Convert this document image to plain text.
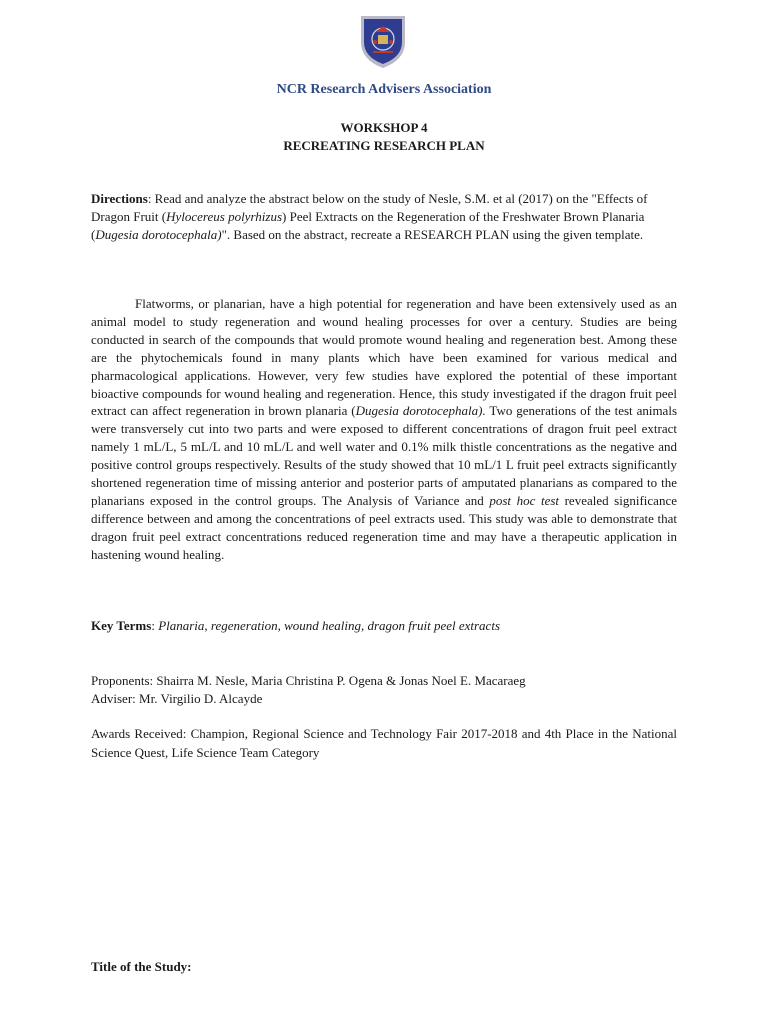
NCR Research Advisers Association
WORKSHOP 4
RECREATING RESEARCH PLAN
Directions: Read and analyze the abstract below on the study of Nesle, S.M. et al (2017) on the "Effects of Dragon Fruit (Hylocereus polyrhizus) Peel Extracts on the Regeneration of the Freshwater Brown Planaria (Dugesia dorotocephala)". Based on the abstract, recreate a RESEARCH PLAN using the given template.
Flatworms, or planarian, have a high potential for regeneration and have been extensively used as an animal model to study regeneration and wound healing processes for over a century. Studies are being conducted in search of the compounds that would promote wound healing and regeneration best. Among these are the phytochemicals found in many plants which have been examined for various medical and pharmacological applications. However, very few studies have explored the potential of these important bioactive compounds for wound healing and regeneration. Hence, this study investigated if the dragon fruit peel extract can affect regeneration in brown planaria (Dugesia dorotocephala). Two generations of the test animals were transversely cut into two parts and were exposed to different concentrations of dragon fruit peel extract namely 1 mL/L, 5 mL/L and 10 mL/L and well water and 0.1% milk thistle concentrations as the negative and positive control groups respectively. Results of the study showed that 10 mL/1 L fruit peel extracts significantly shortened regeneration time of missing anterior and posterior parts of amputated planarians as compared to the planarians exposed in the control groups. The Analysis of Variance and post hoc test revealed significance difference between and among the concentrations of peel extracts used. This study was able to demonstrate that dragon fruit peel extract concentrations reduced regeneration time and may have a therapeutic application in hastening wound healing.
Key Terms: Planaria, regeneration, wound healing, dragon fruit peel extracts
Proponents: Shairra M. Nesle, Maria Christina P. Ogena & Jonas Noel E. Macaraeg
Adviser: Mr. Virgilio D. Alcayde
Awards Received: Champion, Regional Science and Technology Fair 2017-2018 and 4th Place in the National Science Quest, Life Science Team Category
Title of the Study:
